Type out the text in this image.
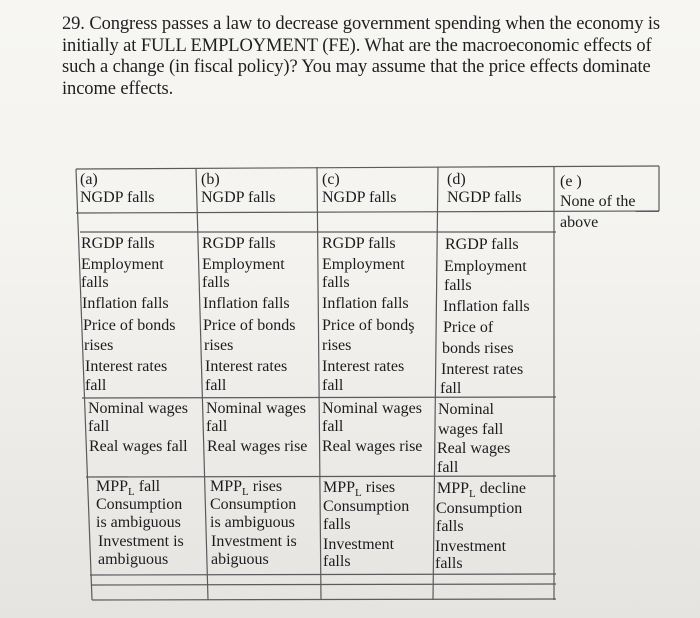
29. Congress passes a law to decrease government spending when the economy is
initially at FULL EMPLOYMENT (FE). What are the macroeconomic effects of
such a change (in fiscal policy)? You may assume that the price effects dominate
income effects.
(a)
NGDP falls
(b)
NGDP falls
(c)
NGDP falls
(d)
NGDP falls
(e )
None of the
above
RGDP falls
Employment
falls
Inflation falls
Price of bonds
rises
Interest rates
fall
RGDP falls
Employment
falls
Inflation falls
Price of bonds
rises
Interest rates
fall
RGDP falls
Employment
falls
Inflation falls
Price of bondş
rises
Interest rates
fall
RGDP falls
Employment
falls
Inflation falls
Price of
bonds rises
Interest rates
fall
Nominal wages
fall
Real wages fall
Nominal wages
fall
Real wages rise
Nominal wages
fall
Real wages rise
Nominal
wages fall
Real wages
fall
$MPP_L$ fall
Consumption
is ambiguous
Investment is
ambiguous
$MPP_L$ rises
Consumption
is ambiguous
Investment is
abiguous
$MPP_L$ rises
Consumption
falls
Investment
falls
$MPP_L$ decline
Consumption
falls
Investment
falls
